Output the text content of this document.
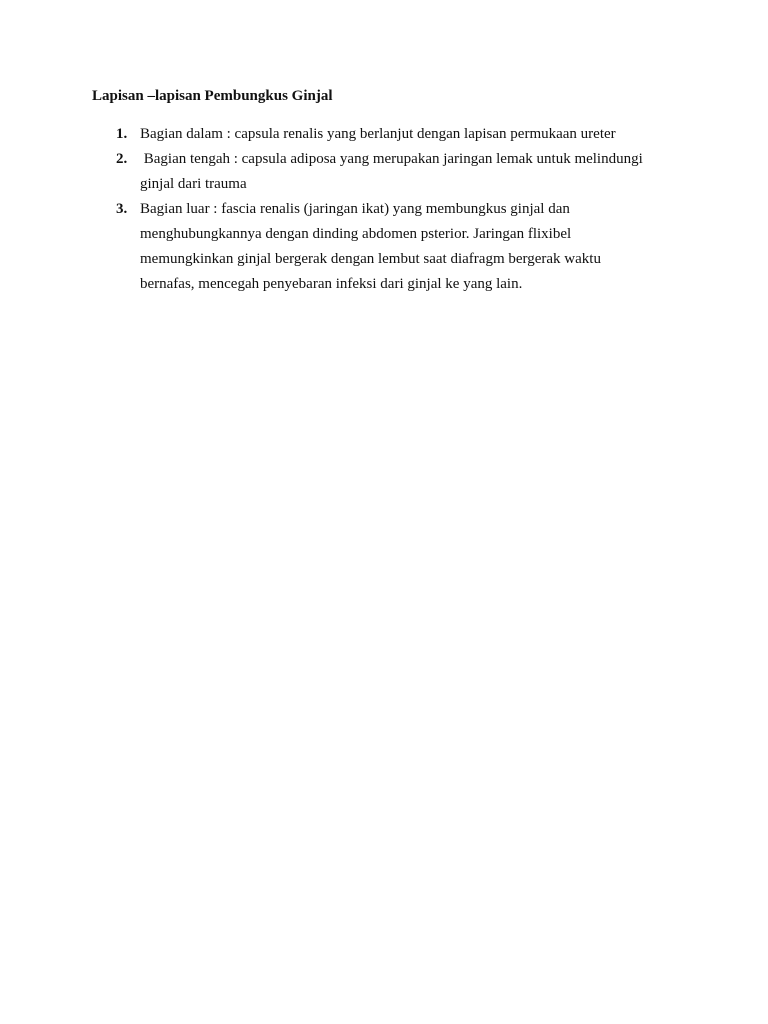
Lapisan –lapisan Pembungkus Ginjal
1. Bagian dalam : capsula renalis yang berlanjut dengan lapisan permukaan ureter
2. Bagian tengah : capsula adiposa yang merupakan jaringan lemak untuk melindungi
ginjal dari trauma
3. Bagian luar : fascia renalis (jaringan ikat) yang membungkus ginjal dan
menghubungkannya dengan dinding abdomen psterior. Jaringan flixibel
memungkinkan ginjal bergerak dengan lembut saat diafragm bergerak waktu
bernafas, mencegah penyebaran infeksi dari ginjal ke yang lain.
